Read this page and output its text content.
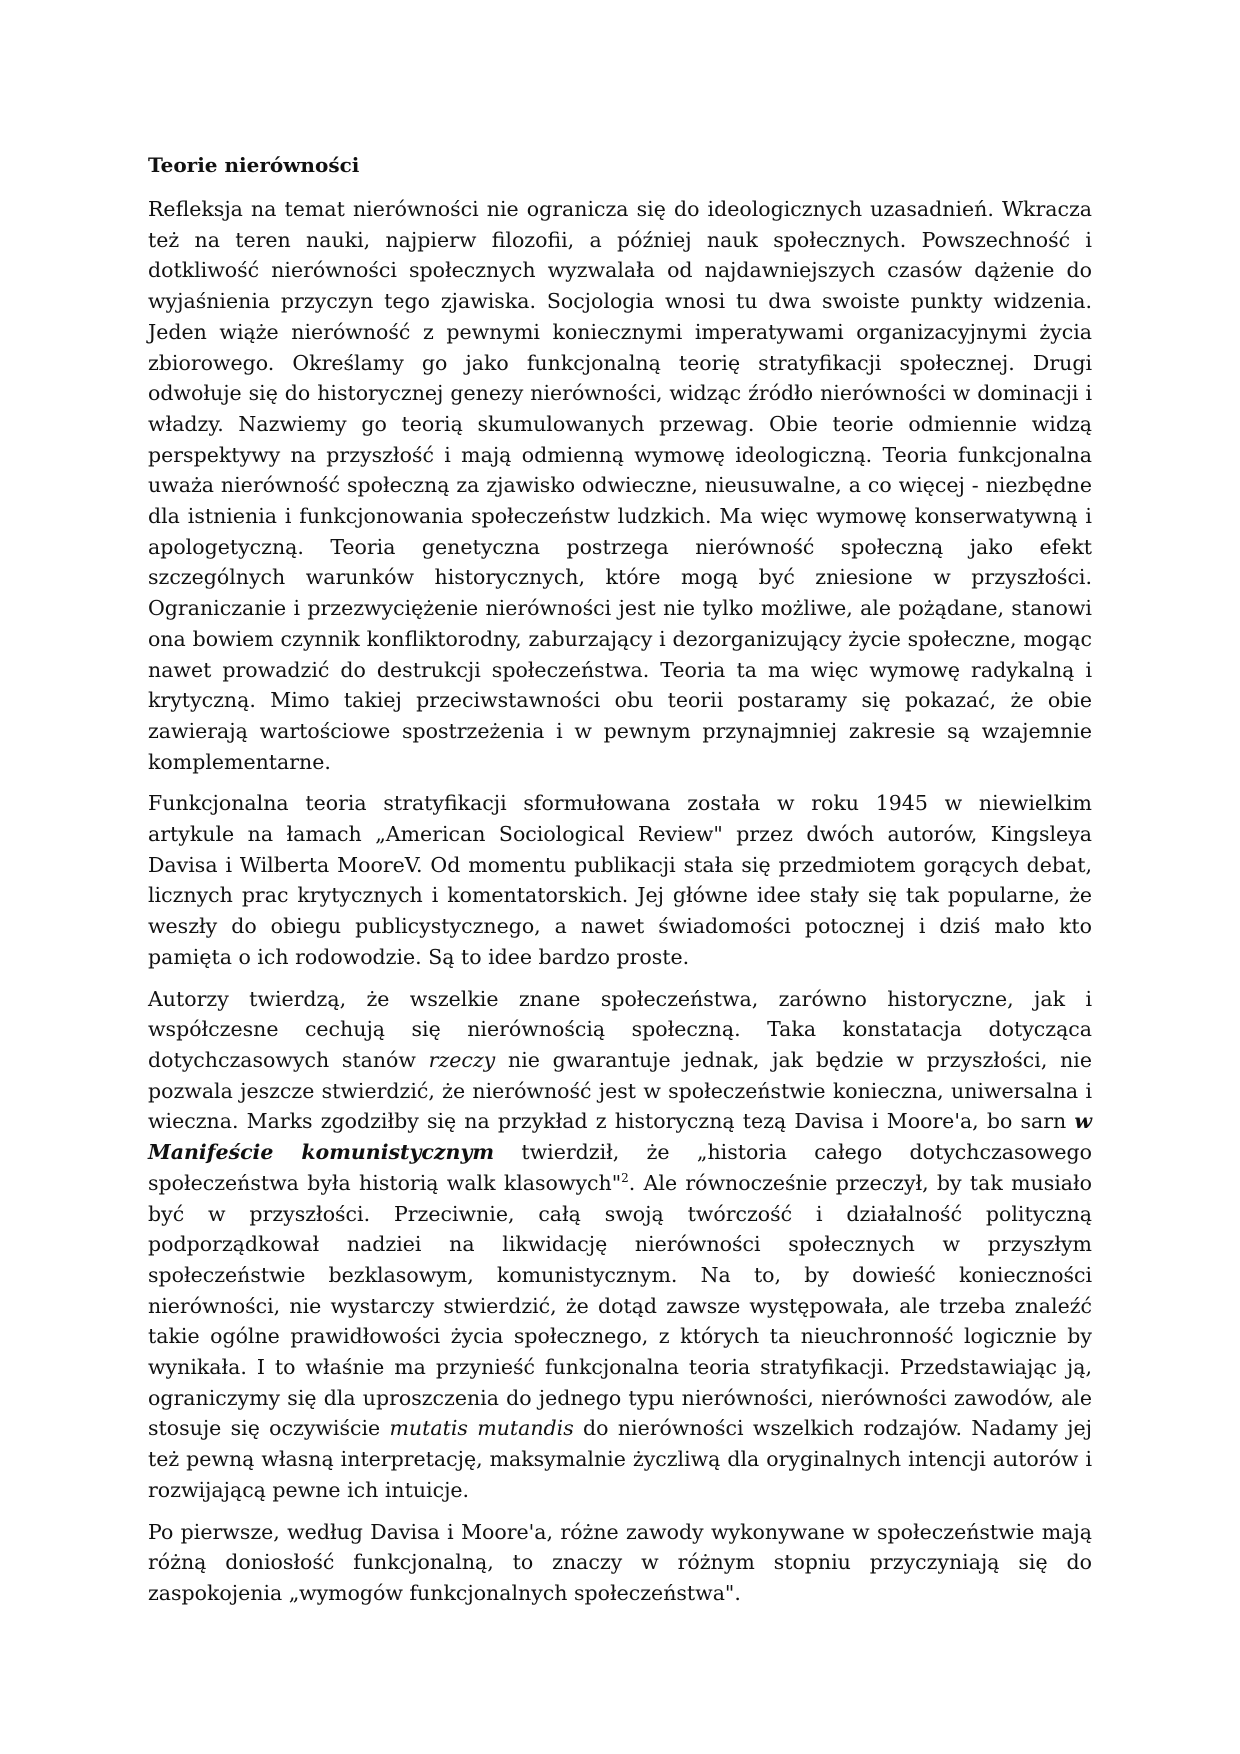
Teorie nierówności

Refleksja na temat nierówności nie ogranicza się do ideologicznych uzasadnień. Wkracza też na teren nauki, najpierw filozofii, a później nauk społecznych. Powszechność i dotkliwość nierówności społecznych wyzwalała od najdawniejszych czasów dążenie do wyjaśnienia przyczyn tego zjawiska. Socjologia wnosi tu dwa swoiste punkty widzenia. Jeden wiąże nierówność z pewnymi koniecznymi imperatywami organizacyjnymi życia zbiorowego. Określamy go jako funkcjonalną teorię stratyfikacji społecznej. Drugi odwołuje się do historycznej genezy nierówności, widząc źródło nierówności w dominacji i władzy. Nazwiemy go teorią skumulowanych przewag. Obie teorie odmiennie widzą perspektywy na przyszłość i mają odmienną wymowę ideologiczną. Teoria funkcjonalna uważa nierówność społeczną za zjawisko odwieczne, nieusuwalne, a co więcej - niezbędne dla istnienia i funkcjonowania społeczeństw ludzkich. Ma więc wymowę konserwatywną i apologetyczną. Teoria genetyczna postrzega nierówność społeczną jako efekt szczególnych warunków historycznych, które mogą być zniesione w przyszłości. Ograniczanie i przezwyciężenie nierówności jest nie tylko możliwe, ale pożądane, stanowi ona bowiem czynnik konfliktorodny, zaburzający i dezorganizujący życie społeczne, mogąc nawet prowadzić do destrukcji społeczeństwa. Teoria ta ma więc wymowę radykalną i krytyczną. Mimo takiej przeciwstawności obu teorii postaramy się pokazać, że obie zawierają wartościowe spostrzeżenia i w pewnym przynajmniej zakresie są wzajemnie komplementarne.

Funkcjonalna teoria stratyfikacji sformułowana została w roku 1945 w niewielkim artykule na łamach „American Sociological Review" przez dwóch autorów, Kingsleya Davisa i Wilberta MooreV. Od momentu publikacji stała się przedmiotem gorących debat, licznych prac krytycznych i komentatorskich. Jej główne idee stały się tak popularne, że weszły do obiegu publicystycznego, a nawet świadomości potocznej i dziś mało kto pamięta o ich rodowodzie. Są to idee bardzo proste.

Autorzy twierdzą, że wszelkie znane społeczeństwa, zarówno historyczne, jak i współczesne cechują się nierównością społeczną. Taka konstatacja dotycząca dotychczasowych stanów rzeczy nie gwarantuje jednak, jak będzie w przyszłości, nie pozwala jeszcze stwierdzić, że nierówność jest w społeczeństwie konieczna, uniwersalna i wieczna. Marks zgodziłby się na przykład z historyczną tezą Davisa i Moore'a, bo sarn w Manifeście komunistycznym twierdził, że „historia całego dotychczasowego społeczeństwa była historią walk klasowych"$^2$. Ale równocześnie przeczył, by tak musiało być w przyszłości. Przeciwnie, całą swoją twórczość i działalność polityczną podporządkował nadziei na likwidację nierówności społecznych w przyszłym społeczeństwie bezklasowym, komunistycznym. Na to, by dowieść konieczności nierówności, nie wystarczy stwierdzić, że dotąd zawsze występowała, ale trzeba znaleźć takie ogólne prawidłowości życia społecznego, z których ta nieuchronność logicznie by wynikała. I to właśnie ma przynieść funkcjonalna teoria stratyfikacji. Przedstawiając ją, ograniczymy się dla uproszczenia do jednego typu nierówności, nierówności zawodów, ale stosuje się oczywiście mutatis mutandis do nierówności wszelkich rodzajów. Nadamy jej też pewną własną interpretację, maksymalnie życzliwą dla oryginalnych intencji autorów i rozwijającą pewne ich intuicje.

Po pierwsze, według Davisa i Moore'a, różne zawody wykonywane w społeczeństwie mają różną doniosłość funkcjonalną, to znaczy w różnym stopniu przyczyniają się do zaspokojenia „wymogów funkcjonalnych społeczeństwa".
